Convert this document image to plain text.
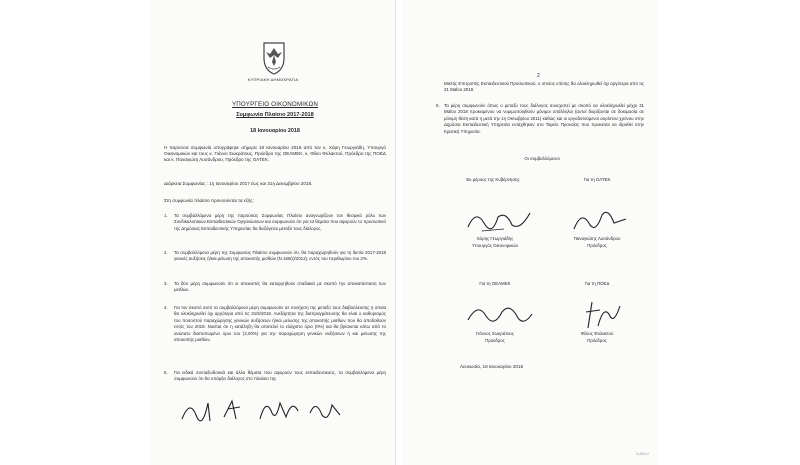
ΚΥΠΡΙΑΚΗ ΔΗΜΟΚΡΑΤΙΑ
ΥΠΟΥΡΓΕΙΟ ΟΙΚΟΝΟΜΙΚΩΝ
Συμφωνία Πλαίσιο 2017-2018
18 Ιανουαρίου 2018
Η παρούσα συμφωνία υπογράφηκε σήμερα 18 Ιανουαρίου 2018 από τον κ. Χάρη Γεωργιάδη, Υπουργό Οικονομικών και τους κ. Γιάννο Σωκράτους, Πρόεδρο της ΟΕΛΜΕΚ, κ. Φίλιο Φυλακτού, Πρόεδρο της ΠΟΕΔ και κ. Παναγιώτη Λυσάνδρου, Πρόεδρο της ΟΛΤΕΚ.
Διάρκεια Συμφωνίας : 1η Ιανουαρίου 2017 έως και 31η Δεκεμβρίου 2018.
Στη συμφωνία πλαίσιο προνοούνται τα εξής:
1.	Τα συμβαλλόμενα μέρη της παρούσας Συμφωνίας Πλαίσιο αναγνωρίζουν τον θεσμικό ρόλο των Συνδικαλιστικών Εκπαιδευτικών Οργανώσεων και συμφωνούν ότι για τα θέματα που αφορούν το προσωπικό της Δημόσιας Εκπαιδευτικής Υπηρεσίας θα διεξάγεται μεταξύ τους διάλογος.
2.	Τα συμβαλλόμενα μέρη της Συμφωνίας Πλαίσιο συμφωνούν ότι, θα παραχωρηθούν για τη διετία 2017-2018 γενικές αυξήσεις ή/και μείωση της αποκοπής μισθών (Ν.168(Ι)/2012), εντός του περιθωρίου του 2%.
3.	Τα δύο μέρη συμφωνούν ότι οι αποκοπές θα καταργηθούν σταδιακά με σκοπό την αποκατάσταση των μισθών.
4.	Για τον σκοπό αυτό τα συμβαλλόμενα μέρη συμφωνούν σε συνέχιση της μεταξύ τους διαβούλευσης η οποία θα ολοκληρωθεί όχι αργότερα από τις 31/5/2018. Ανεξάρτητα της διαπραγμάτευσης θα είναι ο καθορισμός του ποσοστού παραχώρησης γενικών αυξήσεων ή/και μείωσης της αποκοπής μισθών που θα αποδοθούν εντός του 2018. Νοείται ότι η κατάληξη θα αποτελεί το ελάχιστο όριο (0%) και θα βρίσκεται κάτω από το ανώτατο διαπιστωμένο όριο του (2,00%) για την παραχώρηση γενικών αυξήσεων ή και μείωσης της αποκοπής μισθών.
5.	Για ειδικά συνταξιοδοτικά και άλλα θέματα που αφορούν τους εκπαιδευτικούς, τα συμβαλλόμενα μέρη συμφωνούν ότι θα υπάρξει διάλογος στο πλαίσιο της
2
Μικτής Επιτροπής Εκπαιδευτικού Προσωπικού, ο οποίος επίσης θα ολοκληρωθεί όχι αργότερα από τις 31 Μαΐου 2018.
6. Τα μέρη συμφωνούν όπως ο μεταξύ τους διάλογος συνεχιστεί με σκοπό να ολοκληρωθεί μέχρι 31 Μαΐου 2018 προκειμένου να νομιμοποιηθούν μόνιμοι υπάλληλοι (αυτοί διορίζονται σε δοκιμασία σε μόνιμη θέση κατά η μετά την 1η Οκτωβρίου 2011) καθώς και οι εργοδοτούμενοι αορίστου χρόνου στην Δημόσια Εκπαιδευτική Υπηρεσία εντάχθηκαν στο Ταμείο Προνοίας που προκειται να ιδρυθεί στην Κρατική Υπηρεσία.
Οι συμβαλλόμενοι
Εκ μέρους της Κυβέρνησης	Για τη ΟΛΤΕΚ
Χάρης Γεωργιάδης
Υπουργός Οικονομικών
Παναγιώτης Λυσάνδρου
Πρόεδρος
Για τη ΟΕΛΜΕΚ	Για τη ΠΟΕΔ
Γιάννος Σωκράτους
Πρόεδρος
Φίλιος Φυλακτού
Πρόεδρος
Λευκωσία, 18 Ιανουαρίου 2018
Σελίδα 2
